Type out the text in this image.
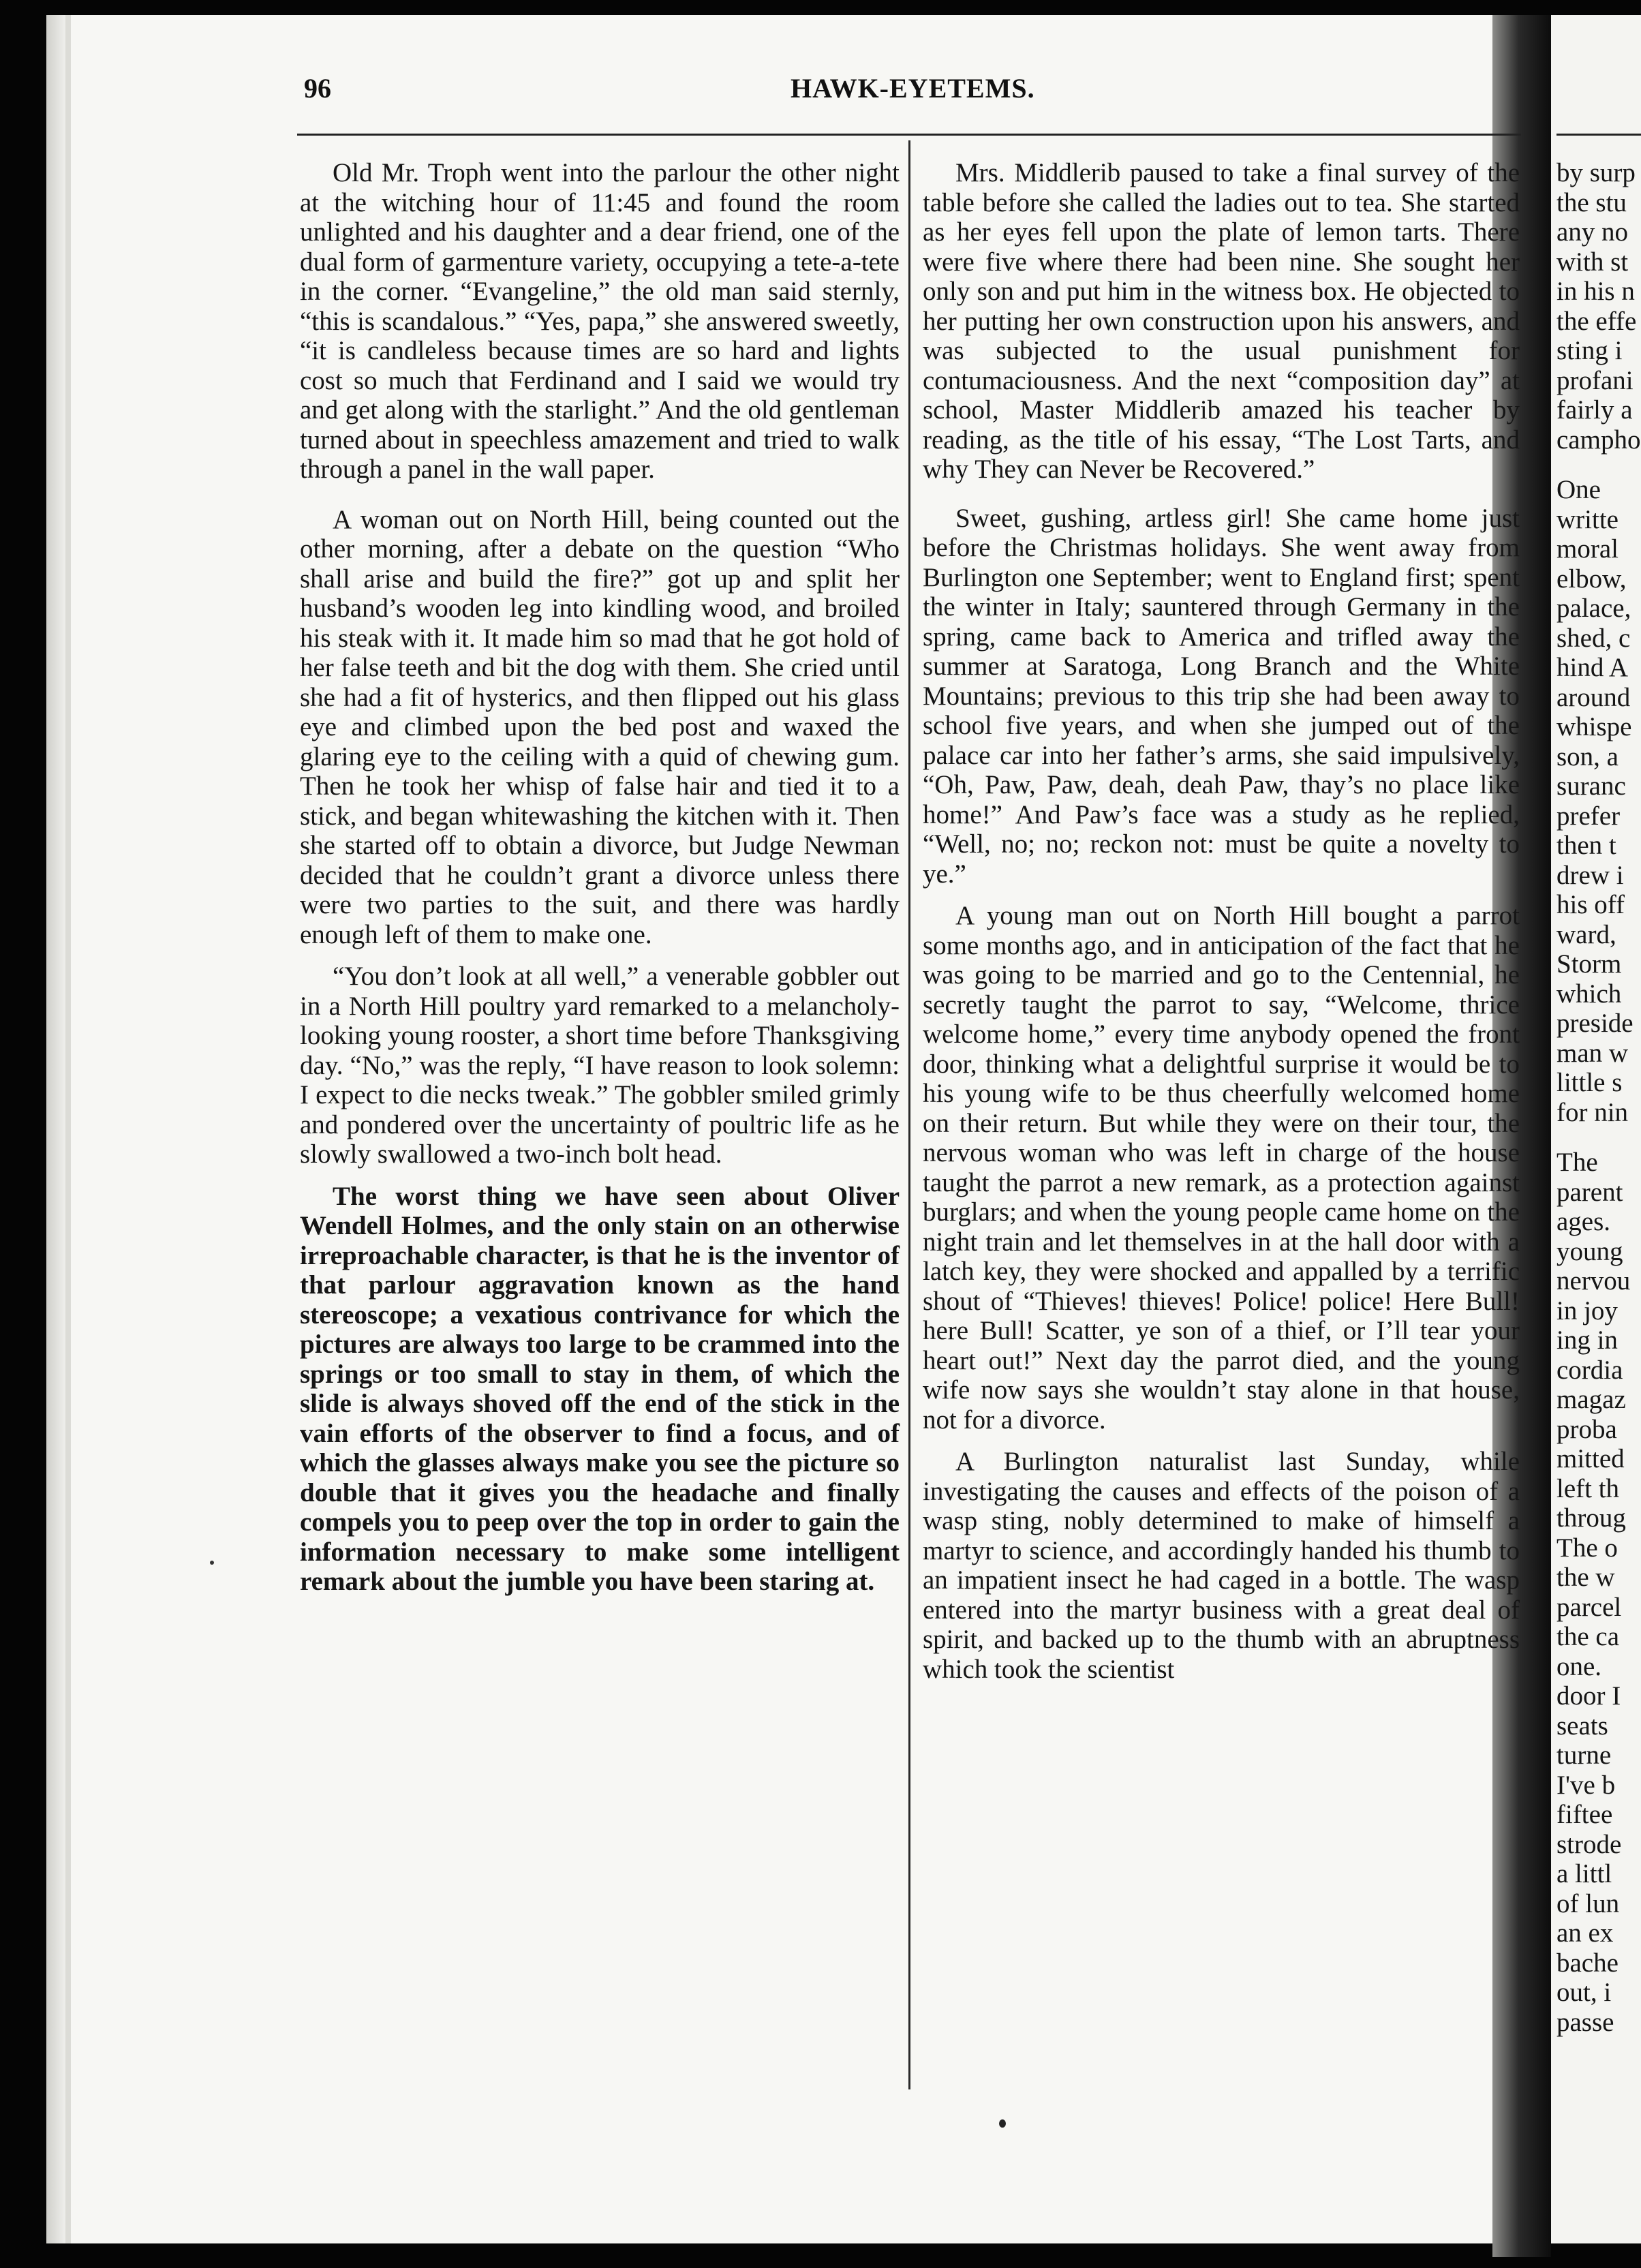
96	HAWK-EYETEMS.

Old Mr. Troph went into the parlour the other night at the witching hour of 11:45 and found the room unlighted and his daughter and a dear friend, one of the dual form of garmenture variety, occupying a tete-a-tete in the corner. “Evangeline,” the old man said sternly, “this is scandalous.” “Yes, papa,” she answered sweetly, “it is candleless because times are so hard and lights cost so much that Ferdinand and I said we would try and get along with the starlight.” And the old gentleman turned about in speechless amazement and tried to walk through a panel in the wall paper.

A woman out on North Hill, being counted out the other morning, after a debate on the question “Who shall arise and build the fire?” got up and split her husband’s wooden leg into kindling wood, and broiled his steak with it. It made him so mad that he got hold of her false teeth and bit the dog with them. She cried until she had a fit of hysterics, and then flipped out his glass eye and climbed upon the bed post and waxed the glaring eye to the ceiling with a quid of chewing gum. Then he took her whisp of false hair and tied it to a stick, and began whitewashing the kitchen with it. Then she started off to obtain a divorce, but Judge Newman decided that he couldn’t grant a divorce unless there were two parties to the suit, and there was hardly enough left of them to make one.

“You don’t look at all well,” a venerable gobbler out in a North Hill poultry yard remarked to a melancholy-looking young rooster, a short time before Thanksgiving day. “No,” was the reply, “I have reason to look solemn: I expect to die necks tweak.” The gobbler smiled grimly and pondered over the uncertainty of poultric life as he slowly swallowed a two-inch bolt head.

The worst thing we have seen about Oliver Wendell Holmes, and the only stain on an otherwise irreproachable character, is that he is the inventor of that parlour aggravation known as the hand stereoscope; a vexatious contrivance for which the pictures are always too large to be crammed into the springs or too small to stay in them, of which the slide is always shoved off the end of the stick in the vain efforts of the observer to find a focus, and of which the glasses always make you see the picture so double that it gives you the headache and finally compels you to peep over the top in order to gain the information necessary to make some intelligent remark about the jumble you have been staring at.

Mrs. Middlerib paused to take a final survey of the table before she called the ladies out to tea. She started as her eyes fell upon the plate of lemon tarts. There were five where there had been nine. She sought her only son and put him in the witness box. He objected to her putting her own construction upon his answers, and was subjected to the usual punishment for contumaciousness. And the next “composition day” at school, Master Middlerib amazed his teacher by reading, as the title of his essay, “The Lost Tarts, and why They can Never be Recovered.”

Sweet, gushing, artless girl! She came home just before the Christmas holidays. She went away from Burlington one September; went to England first; spent the winter in Italy; sauntered through Germany in the spring, came back to America and trifled away the summer at Saratoga, Long Branch and the White Mountains; previous to this trip she had been away to school five years, and when she jumped out of the palace car into her father’s arms, she said impulsively, “Oh, Paw, Paw, deah, deah Paw, thay’s no place like home!” And Paw’s face was a study as he replied, “Well, no; no; reckon not: must be quite a novelty to ye.”

A young man out on North Hill bought a parrot some months ago, and in anticipation of the fact that he was going to be married and go to the Centennial, he secretly taught the parrot to say, “Welcome, thrice welcome home,” every time anybody opened the front door, thinking what a delightful surprise it would be to his young wife to be thus cheerfully welcomed home on their return. But while they were on their tour, the nervous woman who was left in charge of the house taught the parrot a new remark, as a protection against burglars; and when the young people came home on the night train and let themselves in at the hall door with a latch key, they were shocked and appalled by a terrific shout of “Thieves! thieves! Police! police! Here Bull! here Bull! Scatter, ye son of a thief, or I’ll tear your heart out!” Next day the parrot died, and the young wife now says she wouldn’t stay alone in that house, not for a divorce.

A Burlington naturalist last Sunday, while investigating the causes and effects of the poison of a wasp sting, nobly determined to make of himself a martyr to science, and accordingly handed his thumb to an impatient insect he had caged in a bottle. The wasp entered into the martyr business with a great deal of spirit, and backed up to the thumb with an abruptness which took the scientist

by surp
the stu
any no
with st
in his n
the effe
sting i
profani
fairly a
campho
One
writte
moral
elbow,
palace,
shed, c
hind A
around
whispe
son, a
suranc
prefer
then t
drew i
his off
ward,
Storm
which
preside
man w
little s
for nin
The
parent
ages.
young
nervou
in joy
ing in
cordia
magaz
proba
mitted
left th
throug
The o
the w
parcel
the ca
one.
door I
seats
turne
I've b
fiftee
strode
a littl
of lun
an ex
bache
out, i
passe
